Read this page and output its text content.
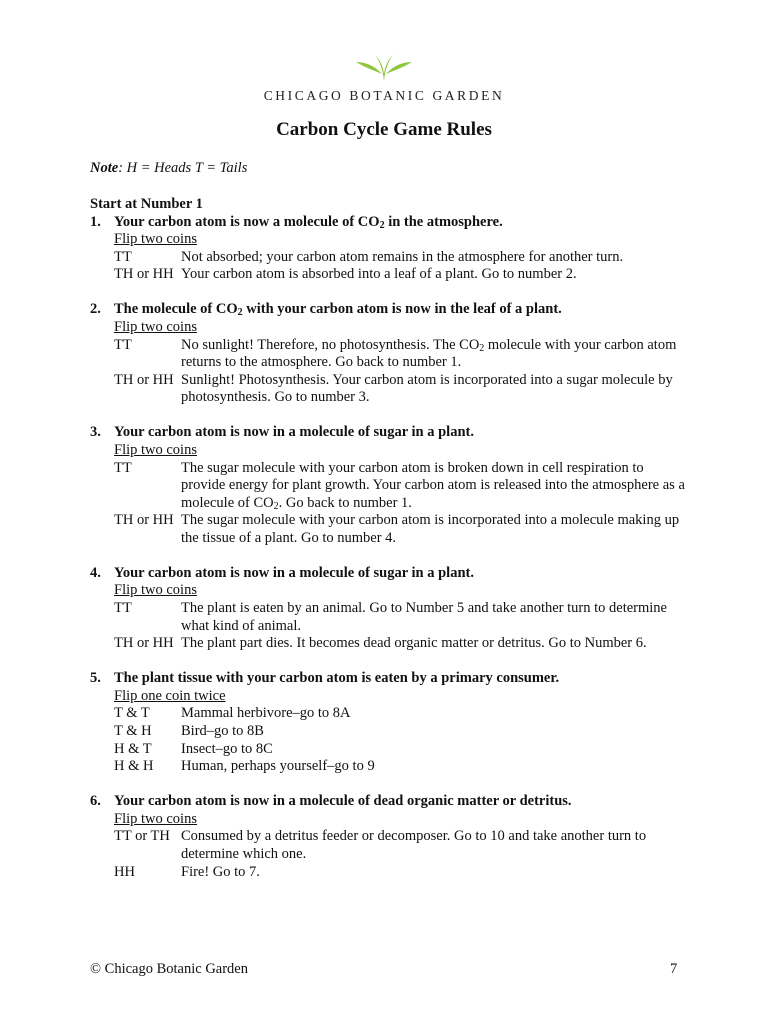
CHICAGO BOTANIC GARDEN
Carbon Cycle Game Rules
Note: H = Heads T = Tails
Start at Number 1
1. Your carbon atom is now a molecule of $CO_2$ in the atmosphere.
Flip two coins
TT	Not absorbed; your carbon atom remains in the atmosphere for another turn.
TH or HH Your carbon atom is absorbed into a leaf of a plant. Go to number 2.
2. The molecule of $CO_2$ with your carbon atom is now in the leaf of a plant.
Flip two coins
TT	No sunlight! Therefore, no photosynthesis. The $CO_2$ molecule with your carbon atom returns to the atmosphere. Go back to number 1.
TH or HH Sunlight! Photosynthesis. Your carbon atom is incorporated into a sugar molecule by photosynthesis. Go to number 3.
3. Your carbon atom is now in a molecule of sugar in a plant.
Flip two coins
TT	The sugar molecule with your carbon atom is broken down in cell respiration to provide energy for plant growth. Your carbon atom is released into the atmosphere as a molecule of $CO_2$. Go back to number 1.
TH or HH The sugar molecule with your carbon atom is incorporated into a molecule making up the tissue of a plant. Go to number 4.
4. Your carbon atom is now in a molecule of sugar in a plant.
Flip two coins
TT	The plant is eaten by an animal. Go to Number 5 and take another turn to determine what kind of animal.
TH or HH The plant part dies. It becomes dead organic matter or detritus. Go to Number 6.
5. The plant tissue with your carbon atom is eaten by a primary consumer.
Flip one coin twice
T & T	Mammal herbivore–go to 8A
T & H	Bird–go to 8B
H & T	Insect–go to 8C
H & H	Human, perhaps yourself–go to 9
6. Your carbon atom is now in a molecule of dead organic matter or detritus.
Flip two coins
TT or TH Consumed by a detritus feeder or decomposer. Go to 10 and take another turn to determine which one.
HH	Fire! Go to 7.
© Chicago Botanic Garden	7
